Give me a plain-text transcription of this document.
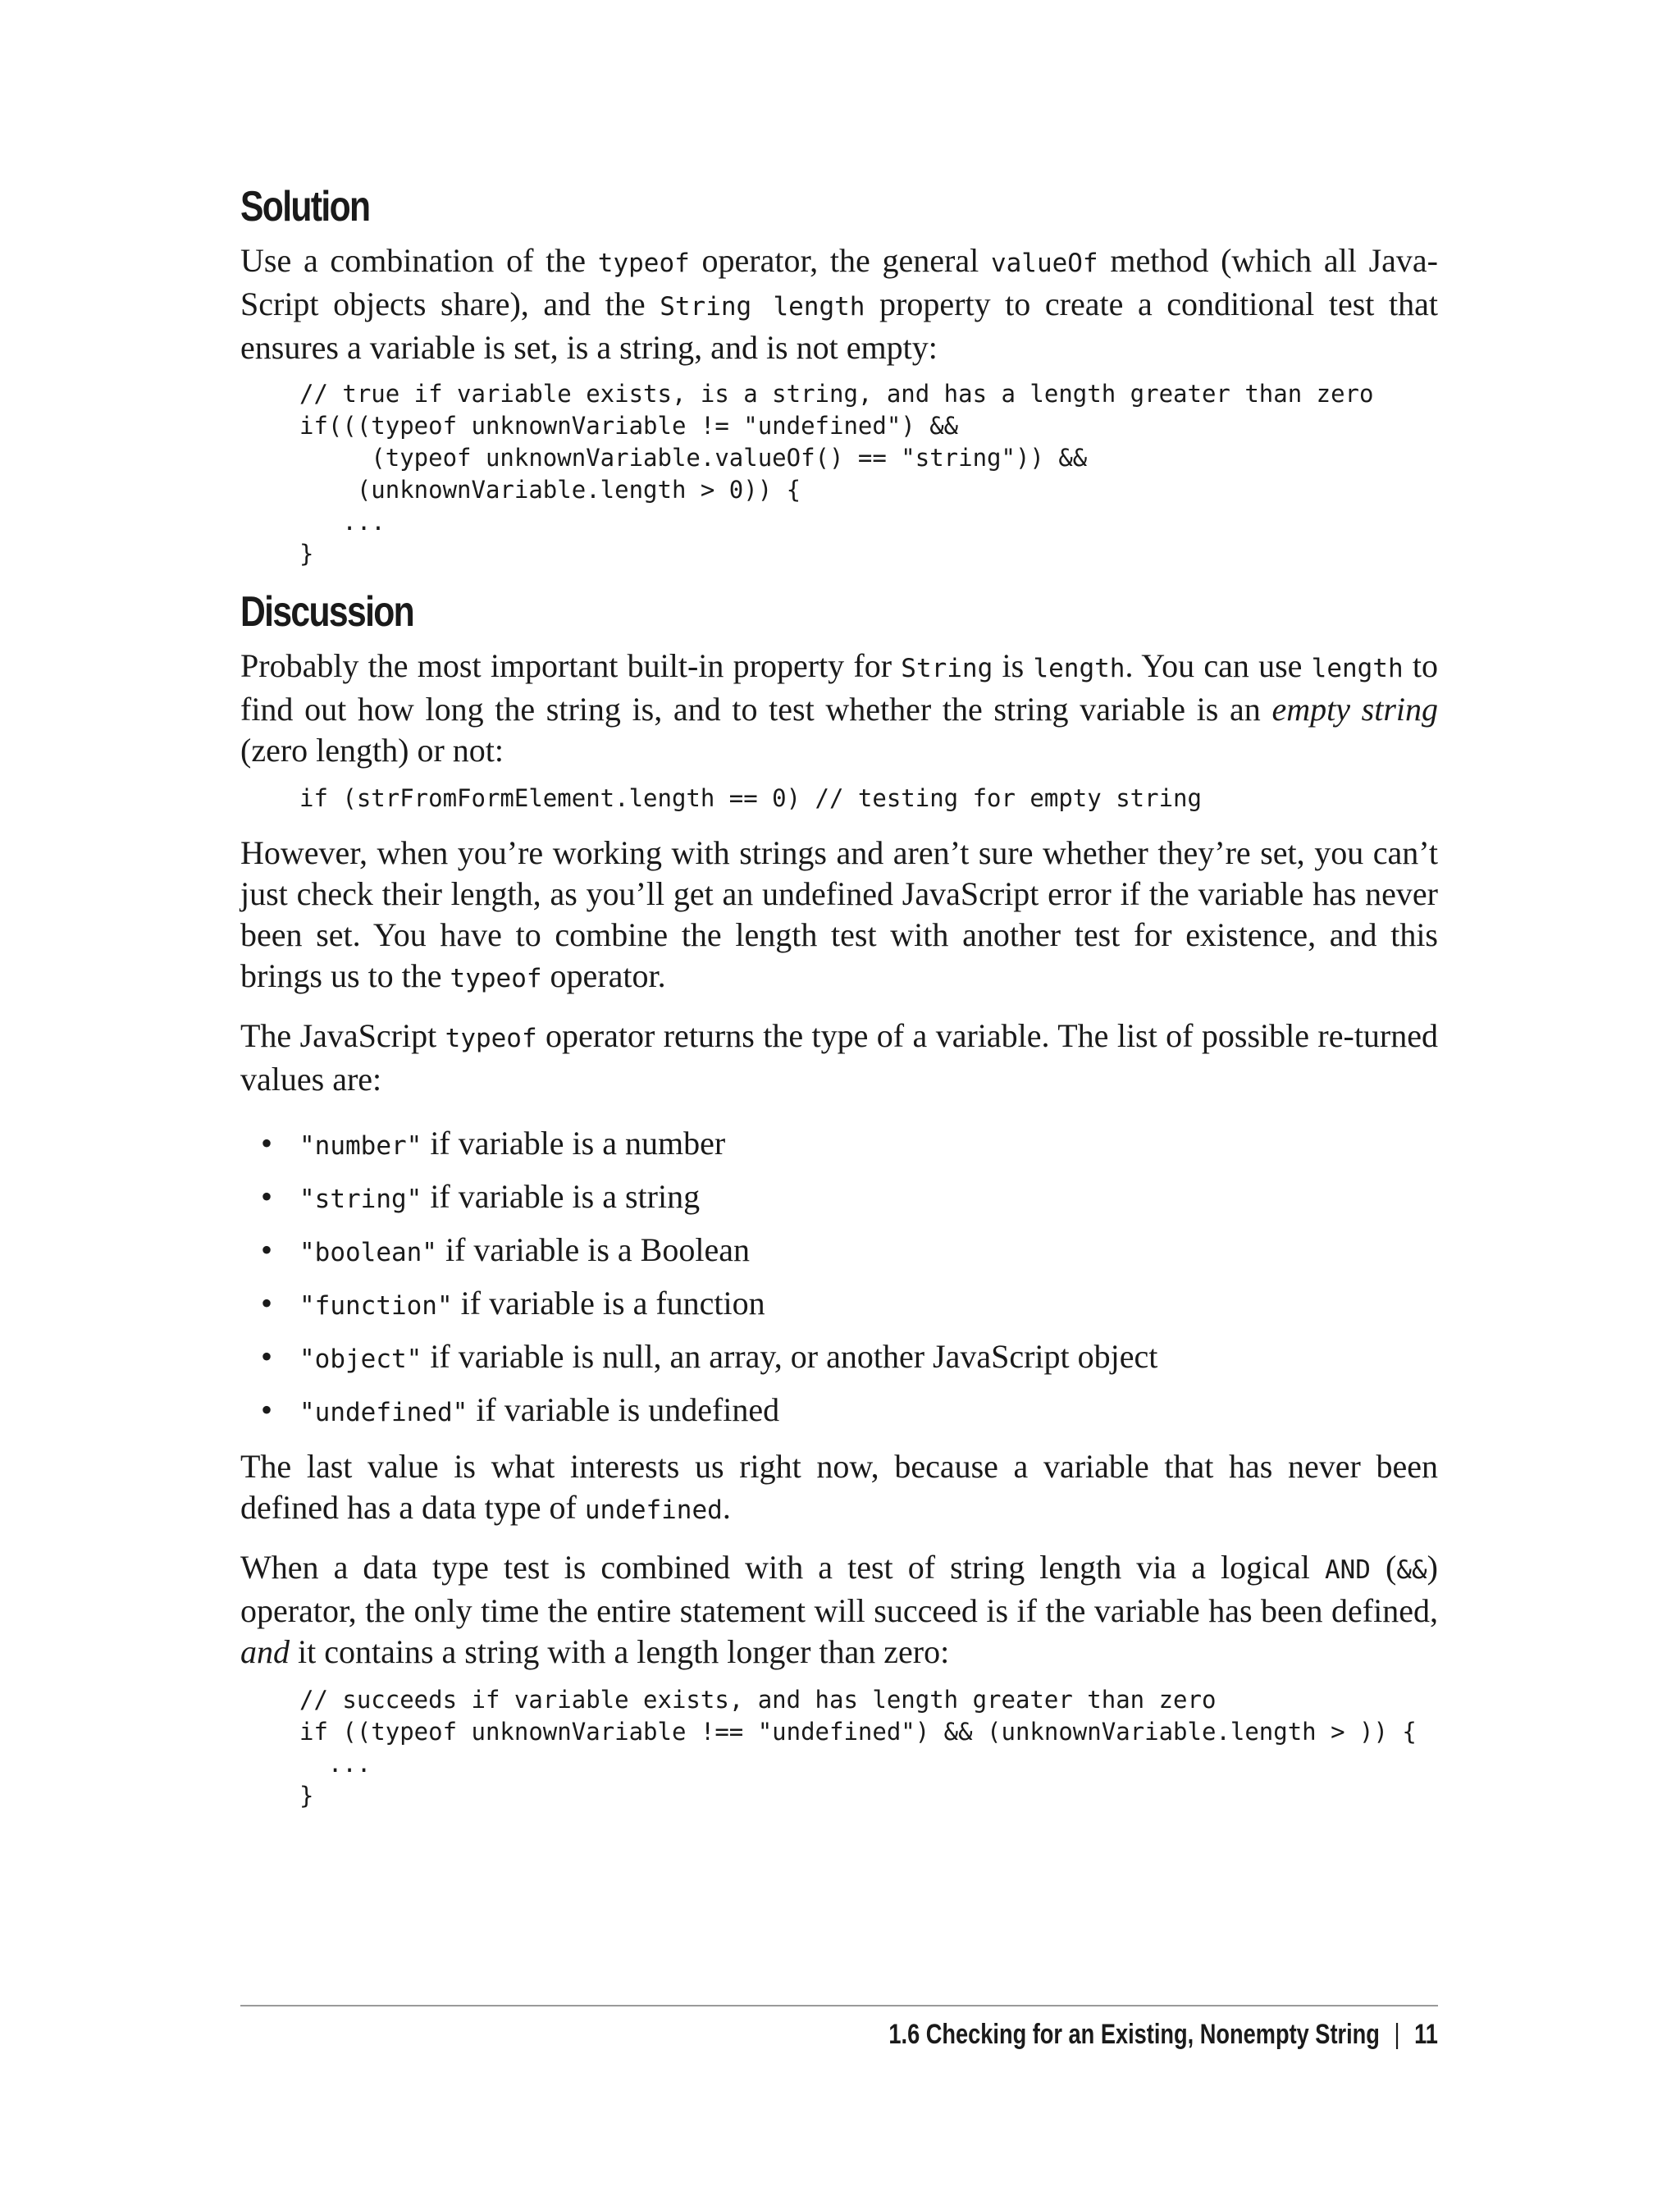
Solution

Use a combination of the typeof operator, the general valueOf method (which all Java-Script objects share), and the String length property to create a conditional test that ensures a variable is set, is a string, and is not empty:

// true if variable exists, is a string, and has a length greater than zero
if(((typeof unknownVariable != "undefined") &&
(typeof unknownVariable.valueOf() == "string")) &&
(unknownVariable.length > 0)) {
...
}
Discussion

Probably the most important built-in property for String is length. You can use length to find out how long the string is, and to test whether the string variable is an empty string (zero length) or not:

if (strFromFormElement.length == 0) // testing for empty string

However, when you’re working with strings and aren’t sure whether they’re set, you can’t just check their length, as you’ll get an undefined JavaScript error if the variable has never been set. You have to combine the length test with another test for existence, and this brings us to the typeof operator.

The JavaScript typeof operator returns the type of a variable. The list of possible re-turned values are:

• "number" if variable is a number
• "string" if variable is a string
• "boolean" if variable is a Boolean
• "function" if variable is a function
• "object" if variable is null, an array, or another JavaScript object
• "undefined" if variable is undefined

The last value is what interests us right now, because a variable that has never been defined has a data type of undefined.

When a data type test is combined with a test of string length via a logical AND (&&) operator, the only time the entire statement will succeed is if the variable has been defined, and it contains a string with a length longer than zero:

// succeeds if variable exists, and has length greater than zero
if ((typeof unknownVariable !== "undefined") && (unknownVariable.length > )) {
...
}
1.6 Checking for an Existing, Nonempty String | 11
